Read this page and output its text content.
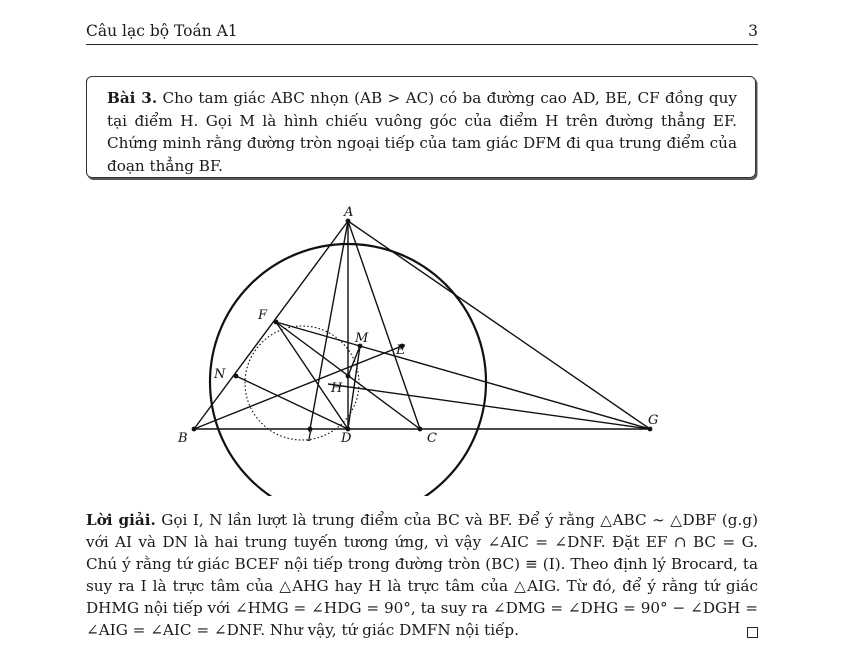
Câu lạc bộ Toán A1	3
Bài 3. Cho tam giác ABC nhọn (AB > AC) có ba đường cao AD, BE, CF đồng quy tại điểm H. Gọi M là hình chiếu vuông góc của điểm H trên đường thẳng EF. Chứng minh rằng đường tròn ngoại tiếp của tam giác DFM đi qua trung điểm của đoạn thẳng BF.
A
B	C
D
E
F
G
H
I
M
N
Lời giải. Gọi I, N lần lượt là trung điểm của BC và BF. Để ý rằng △ABC ∼ △DBF (g.g) với AI và DN là hai trung tuyến tương ứng, vì vậy ∠AIC = ∠DNF. Đặt EF ∩ BC = G. Chú ý rằng tứ giác BCEF nội tiếp trong đường tròn (BC) ≡ (I). Theo định lý Brocard, ta suy ra I là trực tâm của △AHG hay H là trực tâm của △AIG. Từ đó, để ý rằng tứ giác DHMG nội tiếp với ∠HMG = ∠HDG = 90°, ta suy ra ∠DMG = ∠DHG = 90° − ∠DGH = ∠AIG = ∠AIC = ∠DNF. Như vậy, tứ giác DMFN nội tiếp.
